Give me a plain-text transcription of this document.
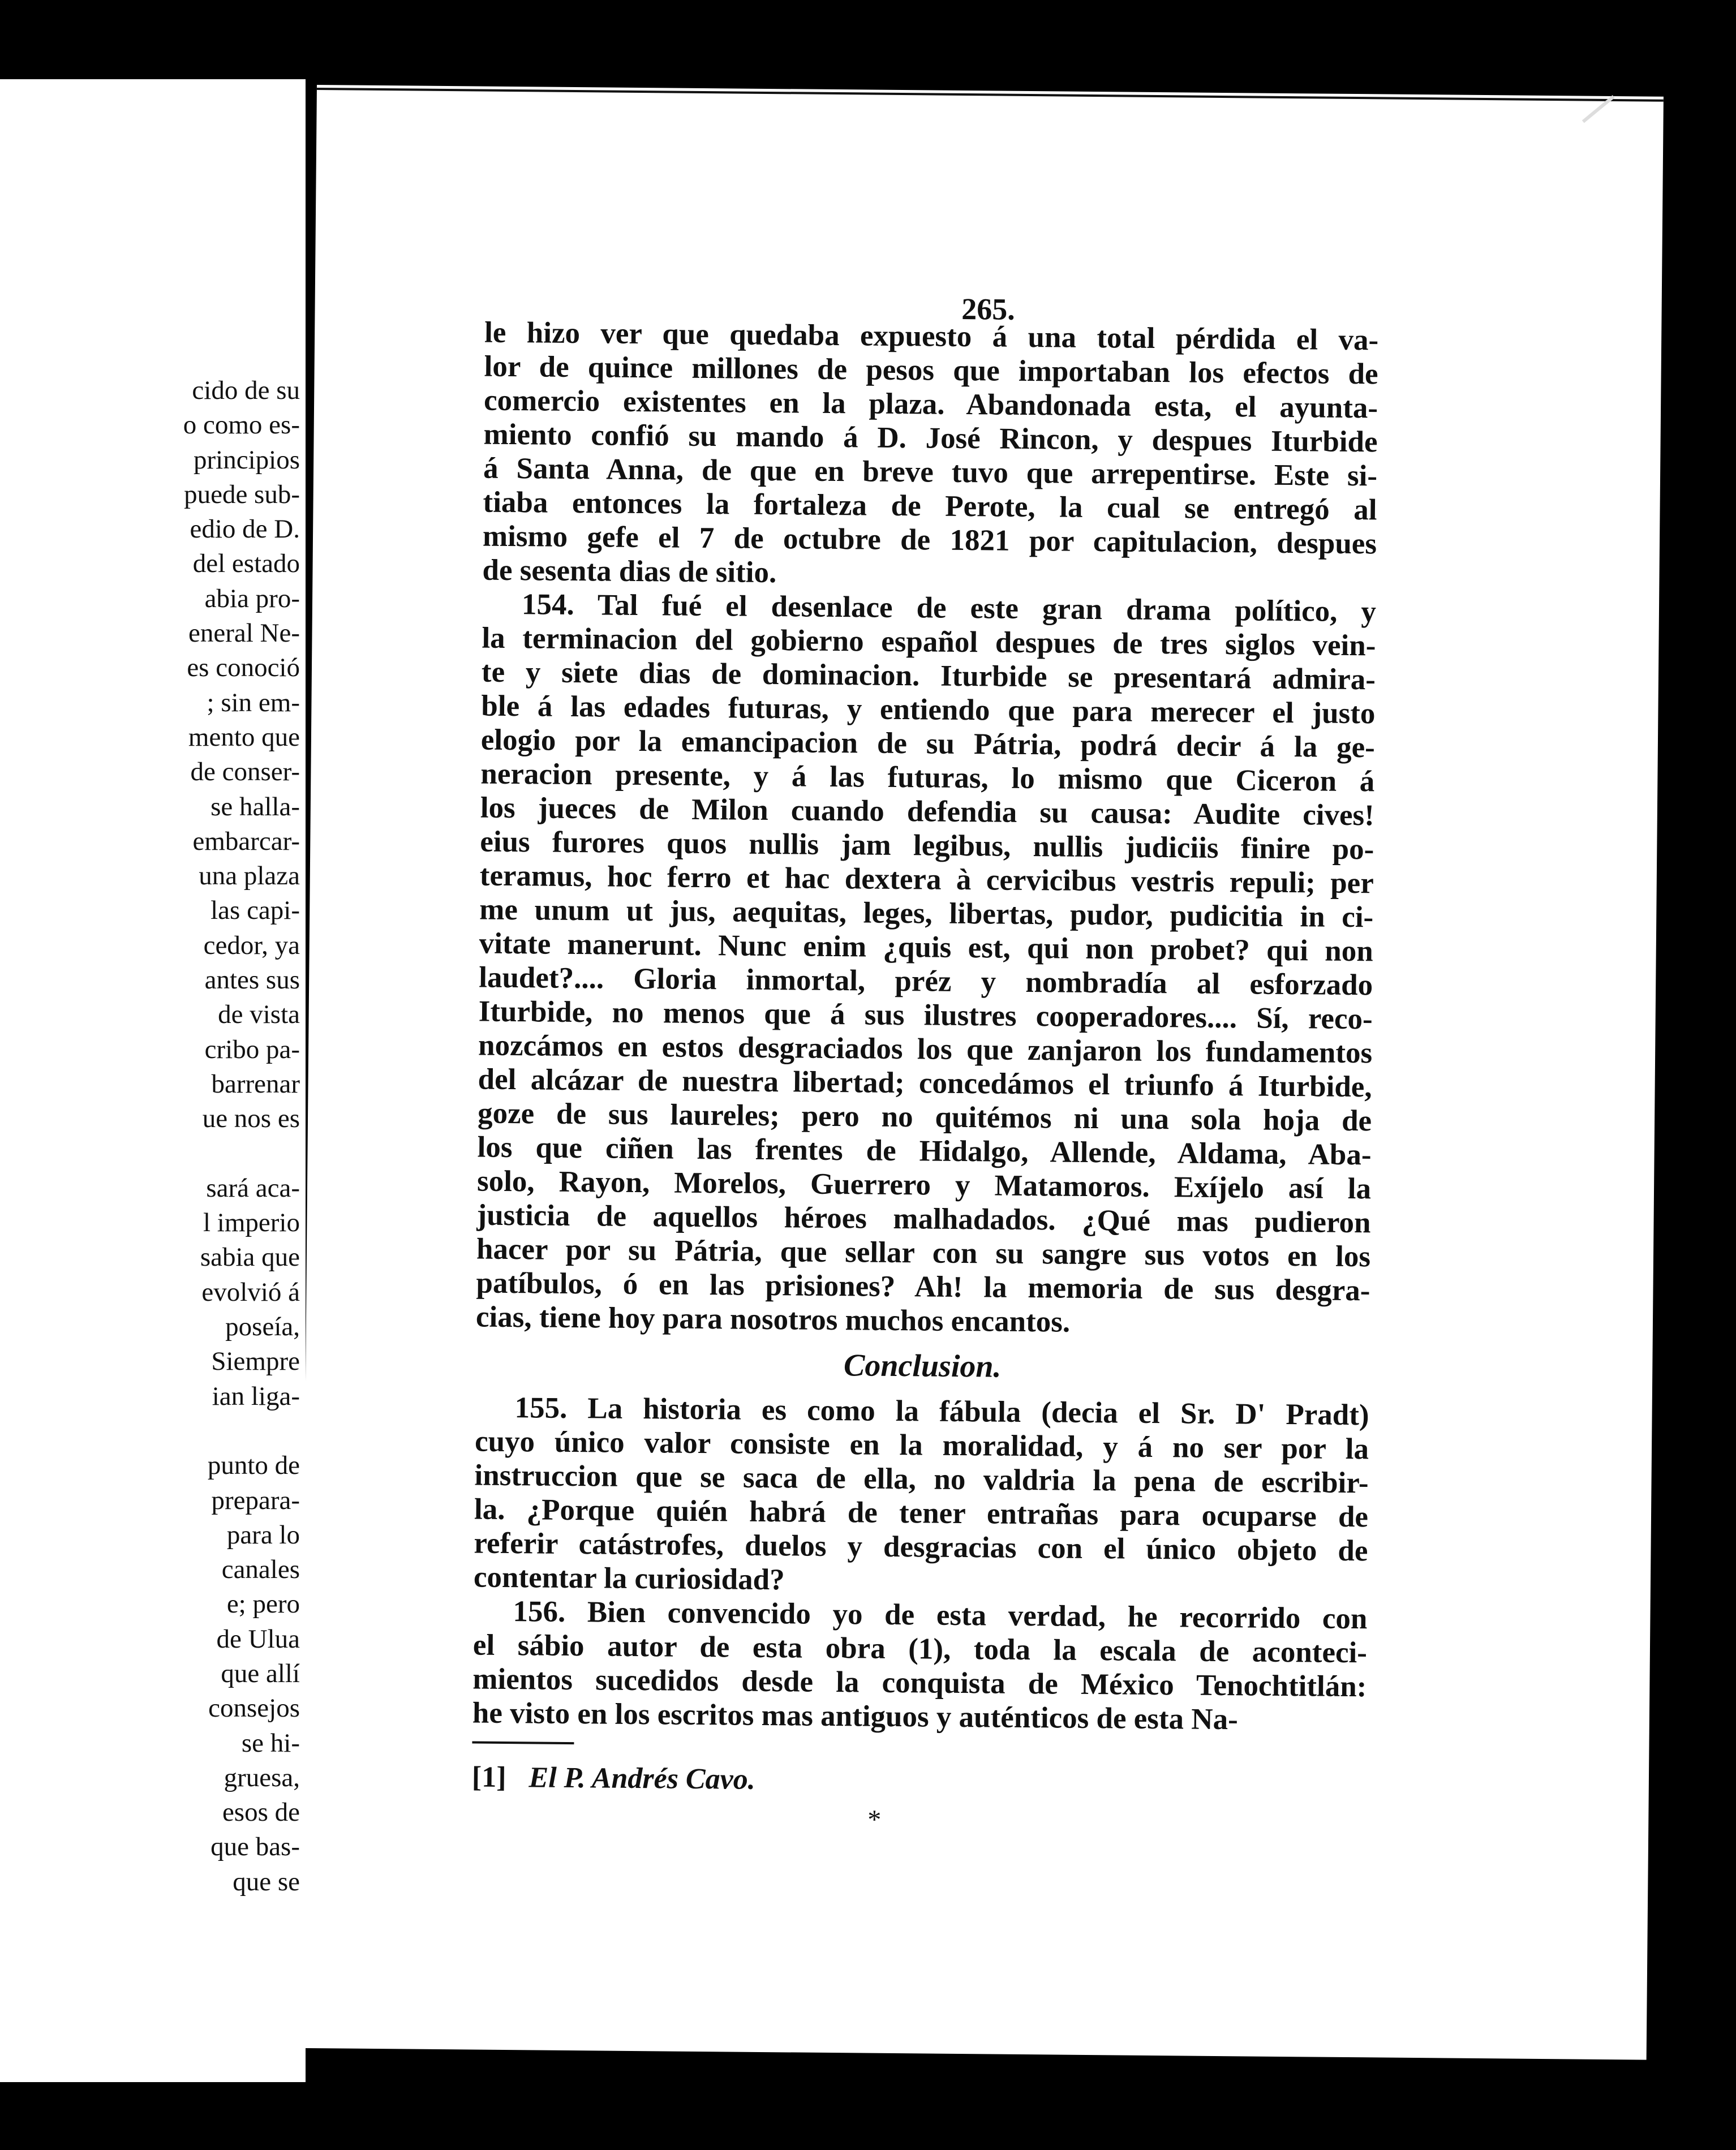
cido de su
o como es-
principios
puede sub-
edio de D.
del estado
abia pro-
eneral Ne-
es conoció
; sin em-
mento que
de conser-
se halla-
embarcar-
una plaza
las capi-
cedor, ya
antes sus
de vista
cribo pa-
barrenar
ue nos es

sará aca-
l imperio
sabia que
evolvió á
poseía,
Siempre
ian liga-

punto de
prepara-
para lo
canales
e; pero
de Ulua
que allí
consejos
se hi-
gruesa,
esos de
que bas-
que se
265.
le hizo ver que quedaba expuesto á una total pérdida el va-
lor de quince millones de pesos que importaban los efectos de
comercio existentes en la plaza. Abandonada esta, el ayunta-
miento confió su mando á D. José Rincon, y despues Iturbide
á Santa Anna, de que en breve tuvo que arrepentirse. Este si-
tiaba entonces la fortaleza de Perote, la cual se entregó al
mismo gefe el 7 de octubre de 1821 por capitulacion, despues
de sesenta dias de sitio.
154. Tal fué el desenlace de este gran drama político, y
la terminacion del gobierno español despues de tres siglos vein-
te y siete dias de dominacion. Iturbide se presentará admira-
ble á las edades futuras, y entiendo que para merecer el justo
elogio por la emancipacion de su Pátria, podrá decir á la ge-
neracion presente, y á las futuras, lo mismo que Ciceron á
los jueces de Milon cuando defendia su causa: Audite cives!
eius furores quos nullis jam legibus, nullis judiciis finire po-
teramus, hoc ferro et hac dextera à cervicibus vestris repuli; per
me unum ut jus, aequitas, leges, libertas, pudor, pudicitia in ci-
vitate manerunt. Nunc enim ¿quis est, qui non probet? qui non
laudet?.... Gloria inmortal, préz y nombradía al esforzado
Iturbide, no menos que á sus ilustres cooperadores.... Sí, reco-
nozcámos en estos desgraciados los que zanjaron los fundamentos
del alcázar de nuestra libertad; concedámos el triunfo á Iturbide,
goze de sus laureles; pero no quitémos ni una sola hoja de
los que ciñen las frentes de Hidalgo, Allende, Aldama, Aba-
solo, Rayon, Morelos, Guerrero y Matamoros. Exíjelo así la
justicia de aquellos héroes malhadados. ¿Qué mas pudieron
hacer por su Pátria, que sellar con su sangre sus votos en los
patíbulos, ó en las prisiones? Ah! la memoria de sus desgra-
cias, tiene hoy para nosotros muchos encantos.
Conclusion.
155. La historia es como la fábula (decia el Sr. D' Pradt)
cuyo único valor consiste en la moralidad, y á no ser por la
instruccion que se saca de ella, no valdria la pena de escribir-
la. ¿Porque quién habrá de tener entrañas para ocuparse de
referir catástrofes, duelos y desgracias con el único objeto de
contentar la curiosidad?
156. Bien convencido yo de esta verdad, he recorrido con
el sábio autor de esta obra (1), toda la escala de aconteci-
mientos sucedidos desde la conquista de México Tenochtitlán:
he visto en los escritos mas antiguos y auténticos de esta Na-
[1] El P. Andrés Cavo.
*
